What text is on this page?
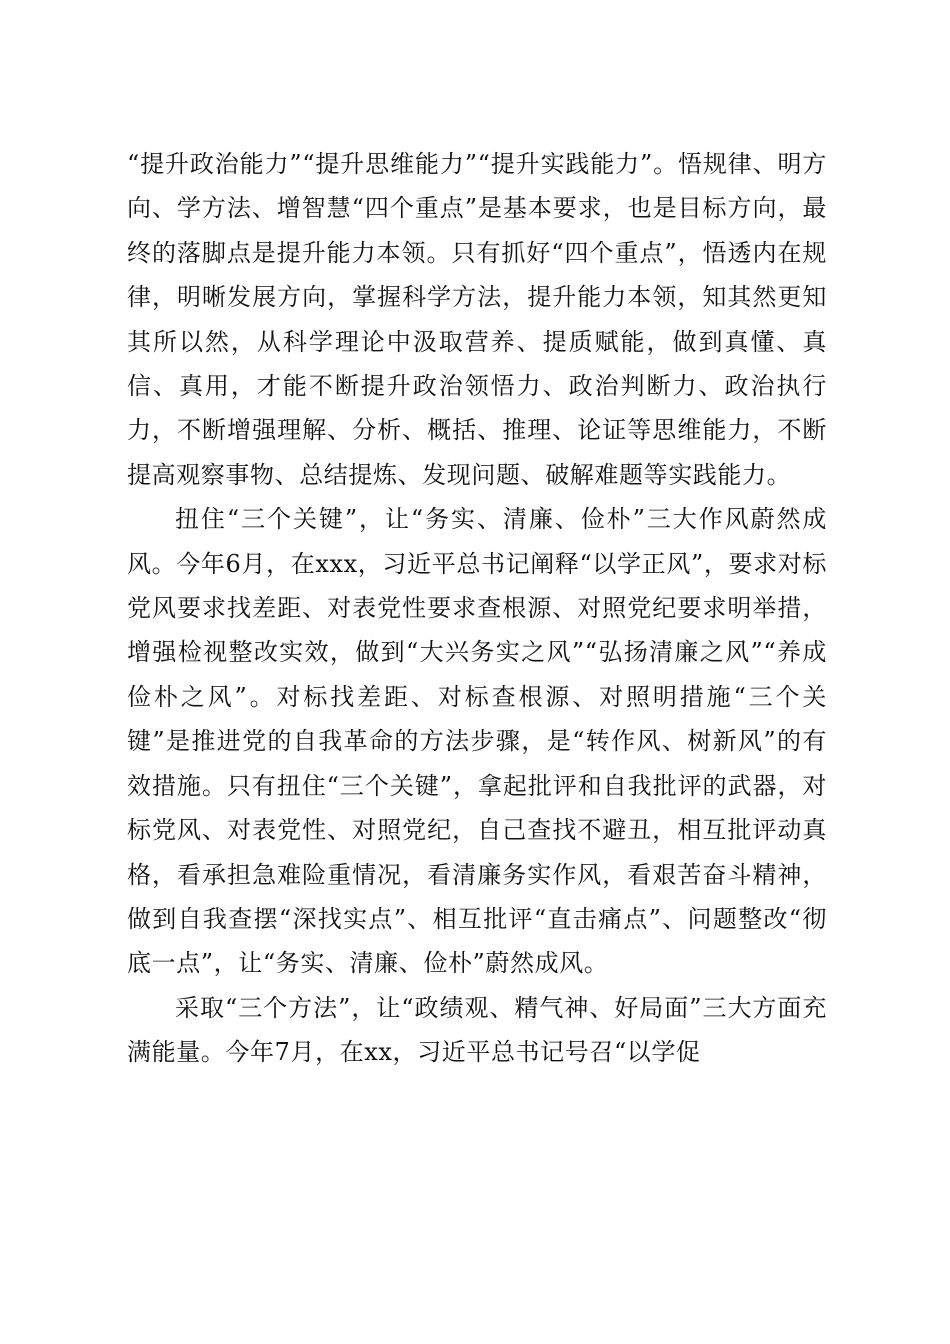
“提升政治能力”“提升思维能力”“提升实践能力”。悟规律、明方向、学方法、增智慧“四个重点”是基本要求，也是目标方向，最终的落脚点是提升能力本领。只有抓好“四个重点”，悟透内在规律，明晰发展方向，掌握科学方法，提升能力本领，知其然更知其所以然，从科学理论中汲取营养、提质赋能，做到真懂、真信、真用，才能不断提升政治领悟力、政治判断力、政治执行力，不断增强理解、分析、概括、推理、论证等思维能力，不断提高观察事物、总结提炼、发现问题、破解难题等实践能力。

扭住“三个关键”，让“务实、清廉、俭朴”三大作风蔚然成风。今年6月，在xxx，习近平总书记阐释“以学正风”，要求对标党风要求找差距、对表党性要求查根源、对照党纪要求明举措，增强检视整改实效，做到“大兴务实之风”“弘扬清廉之风”“养成俭朴之风”。对标找差距、对标查根源、对照明措施“三个关键”是推进党的自我革命的方法步骤，是“转作风、树新风”的有效措施。只有扭住“三个关键”，拿起批评和自我批评的武器，对标党风、对表党性、对照党纪，自己查找不避丑，相互批评动真格，看承担急难险重情况，看清廉务实作风，看艰苦奋斗精神，做到自我查摆“深找实点”、相互批评“直击痛点”、问题整改“彻底一点”，让“务实、清廉、俭朴”蔚然成风。

采取“三个方法”，让“政绩观、精气神、好局面”三大方面充满能量。今年7月，在xx，习近平总书记号召“以学促
